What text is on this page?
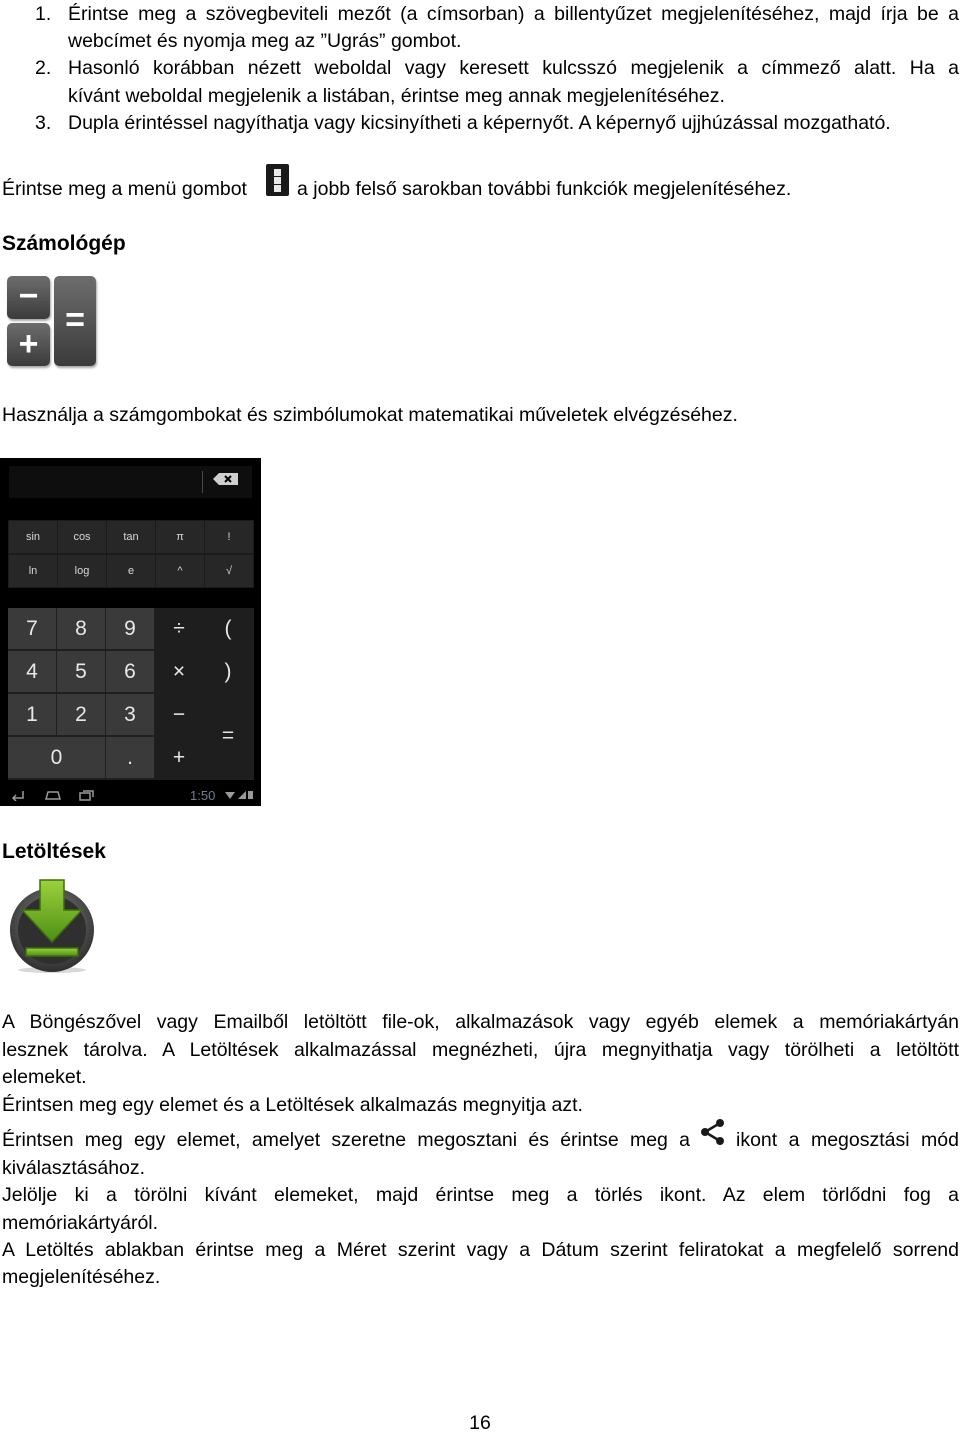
1. Érintse meg a szövegbeviteli mezőt (a címsorban) a billentyűzet megjelenítéséhez, majd írja be a
webcímet és nyomja meg az ”Ugrás” gombot.
2. Hasonló korábban nézett weboldal vagy keresett kulcsszó megjelenik a címmező alatt. Ha a
kívánt weboldal megjelenik a listában, érintse meg annak megjelenítéséhez.
3. Dupla érintéssel nagyíthatja vagy kicsinyítheti a képernyőt. A képernyő ujjhúzással mozgatható.
Érintse meg a menü gombot	a jobb felső sarokban további funkciók megjelenítéséhez.
Számológép
−
+
=
Használja a számgombokat és szimbólumokat matematikai műveletek elvégzéséhez.
sin	cos	tan	π	!
ln	log	e	^	√
7	8	9	÷	(
4	5	6	×	)
1	2	3	−
=
0	.	+
1:50
Letöltések
A Böngészővel vagy Emailből letöltött file-ok, alkalmazások vagy egyéb elemek a memóriakártyán
lesznek tárolva. A Letöltések alkalmazással megnézheti, újra megnyithatja vagy törölheti a letöltött
elemeket.
Érintsen meg egy elemet és a Letöltések alkalmazás megnyitja azt.
Érintsen meg egy elemet, amelyet szeretne megosztani és érintse meg a ikont a megosztási mód
kiválasztásához.
Jelölje ki a törölni kívánt elemeket, majd érintse meg a törlés ikont. Az elem törlődni fog a
memóriakártyáról.
A Letöltés ablakban érintse meg a Méret szerint vagy a Dátum szerint feliratokat a megfelelő sorrend
megjelenítéséhez.
16
